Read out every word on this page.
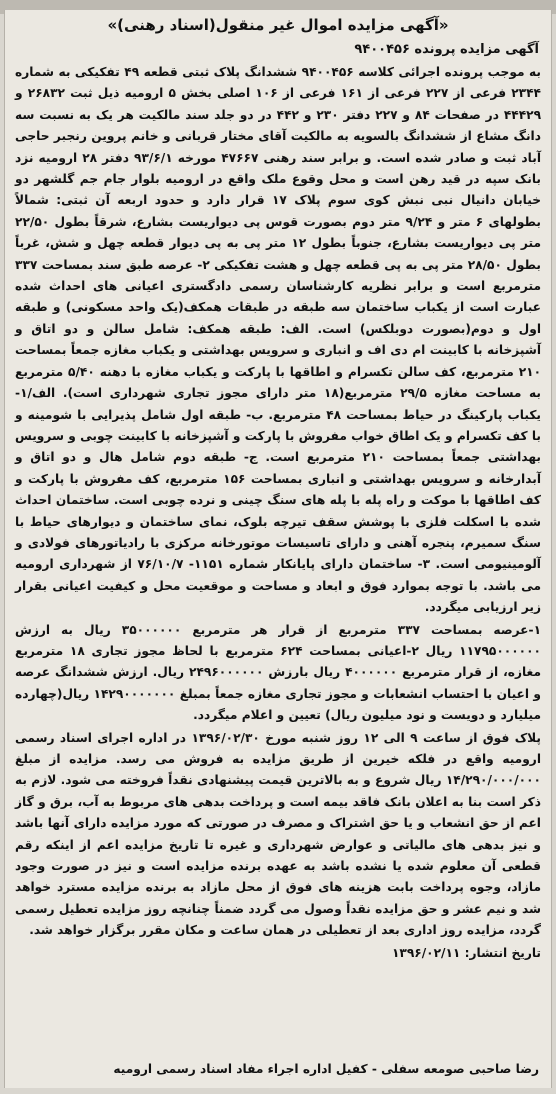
«آگهی مزایده اموال غیر منقول(اسناد رهنی)»
آگهی مزایده پرونده ۹۴۰۰۴۵۶

به موجب پرونده اجرائی کلاسه ۹۴۰۰۴۵۶ ششدانگ پلاک ثبتی قطعه ۴۹ تفکیکی به شماره ۲۳۴۴ فرعی از ۲۲۷ فرعی از ۱۶۱ فرعی از ۱۰۶ اصلی بخش ۵ ارومیه ذیل ثبت ۲۶۸۳۲ و ۴۴۴۲۹ در صفحات ۸۴ و ۲۲۷ دفتر ۲۳۰ و ۴۴۲ در دو جلد سند مالکیت هر یک به نسبت سه دانگ مشاع از ششدانگ بالسویه به مالکیت آقای مختار قربانی و خانم پروین رنجبر حاجی آباد ثبت و صادر شده است. و برابر سند رهنی ۴۷۶۶۷ مورخه ۹۳/۶/۱ دفتر ۲۸ ارومیه نزد بانک سپه در قید رهن است و محل وقوع ملک واقع در ارومیه بلوار جام جم گلشهر دو خیابان دانیال نبی نبش کوی سوم پلاک ۱۷ قرار دارد و حدود اربعه آن ثبتی: شمالاً بطولهای ۶ متر و ۹/۲۴ متر دوم بصورت قوس پی دیواریست بشارع، شرقاً بطول ۲۲/۵۰ متر پی دیواریست بشارع، جنوباً بطول ۱۲ متر پی به پی دیوار قطعه چهل و شش، غرباً بطول ۲۸/۵۰ متر پی به پی قطعه چهل و هشت تفکیکی ۲- عرصه طبق سند بمساحت ۳۳۷ مترمربع است و برابر نظریه کارشناسان رسمی دادگستری اعیانی های احداث شده عبارت است از یکباب ساختمان سه طبقه در طبقات همکف(یک واحد مسکونی) و طبقه اول و دوم(بصورت دوبلکس) است. الف: طبقه همکف: شامل سالن و دو اتاق و آشپزخانه با کابینت ام دی اف و انباری و سرویس بهداشتی و یکباب مغازه جمعاً بمساحت ۲۱۰ مترمربع، کف سالن تکسرام و اطاقها با پارکت و یکباب مغازه با دهنه ۵/۴۰ مترمربع به مساحت مغازه ۲۹/۵ مترمربع(۱۸ متر دارای مجوز تجاری شهرداری است). الف/۱- یکباب پارکینگ در حیاط بمساحت ۴۸ مترمربع. ب- طبقه اول شامل پذیرایی با شومینه و با کف تکسرام و یک اطاق خواب مفروش با پارکت و آشپزخانه با کابینت چوبی و سرویس بهداشتی جمعاً بمساحت ۲۱۰ مترمربع است. ج- طبقه دوم شامل هال و دو اتاق و آبدارخانه و سرویس بهداشتی و انباری بمساحت ۱۵۶ مترمربع، کف مفروش با پارکت و کف اطاقها با موکت و راه پله با پله های سنگ چینی و نرده چوبی است. ساختمان احداث شده با اسکلت فلزی با پوشش سقف تیرچه بلوک، نمای ساختمان و دیوارهای حیاط با سنگ سمیرم، پنجره آهنی و دارای تاسیسات موتورخانه مرکزی با رادیاتورهای فولادی و آلومینیومی است. ۳- ساختمان دارای پایانکار شماره ۱۱۵۱- ۷۶/۱۰/۷ از شهرداری ارومیه می باشد. با توجه بموارد فوق و ابعاد و مساحت و موقعیت محل و کیفیت اعیانی بقرار زیر ارزیابی میگردد.

۱-عرصه بمساحت ۳۳۷ مترمربع از قرار هر مترمربع ۳۵۰۰۰۰۰۰ ریال به ارزش ۱۱۷۹۵۰۰۰۰۰۰ ریال ۲-اعیانی بمساحت ۶۲۴ مترمربع با لحاظ مجوز تجاری ۱۸ مترمربع مغازه، از قرار مترمربع ۴۰۰۰۰۰۰ ریال بارزش ۲۴۹۶۰۰۰۰۰۰ ریال. ارزش ششدانگ عرصه و اعیان با احتساب انشعابات و مجوز تجاری مغازه جمعاً بمبلغ ۱۴۲۹۰۰۰۰۰۰۰ ریال(چهارده میلیارد و دویست و نود میلیون ریال) تعیین و اعلام میگردد.

پلاک فوق از ساعت ۹ الی ۱۲ روز شنبه مورخ ۱۳۹۶/۰۲/۳۰ در اداره اجرای اسناد رسمی ارومیه واقع در فلکه خیرین از طریق مزایده به فروش می رسد. مزایده از مبلغ ۱۴/۲۹۰/۰۰۰/۰۰۰ ریال شروع و به بالاترین قیمت پیشنهادی نقداً فروخته می شود. لازم به ذکر است بنا به اعلان بانک فاقد بیمه است و پرداخت بدهی های مربوط به آب، برق و گاز اعم از حق انشعاب و یا حق اشتراک و مصرف در صورتی که مورد مزایده دارای آنها باشد و نیز بدهی های مالیاتی و عوارض شهرداری و غیره تا تاریخ مزایده اعم از اینکه رقم قطعی آن معلوم شده یا نشده باشد به عهده برنده مزایده است و نیز در صورت وجود مازاد، وجوه پرداخت بابت هزینه های فوق از محل مازاد به برنده مزایده مسترد خواهد شد و نیم عشر و حق مزایده نقداً وصول می گردد ضمناً چنانچه روز مزایده تعطیل رسمی گردد، مزایده روز اداری بعد از تعطیلی در همان ساعت و مکان مقرر برگزار خواهد شد.

تاریخ انتشار: ۱۳۹۶/۰۲/۱۱

رضا صاحبی صومعه سفلی - کفیل اداره اجراء مفاد اسناد رسمی ارومیه
